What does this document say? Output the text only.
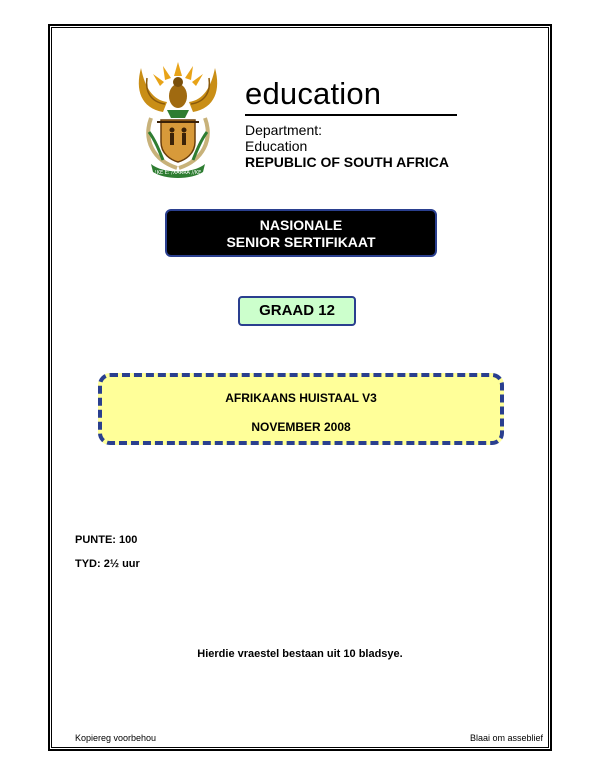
!KE E: /XARRA //KE
education
Department:
Education
REPUBLIC OF SOUTH AFRICA
NASIONALE
SENIOR SERTIFIKAAT
GRAAD 12
AFRIKAANS HUISTAAL V3
NOVEMBER 2008
PUNTE: 100
TYD: 2½ uur
Hierdie vraestel bestaan uit 10 bladsye.
Kopiereg voorbehou	Blaai om asseblief
